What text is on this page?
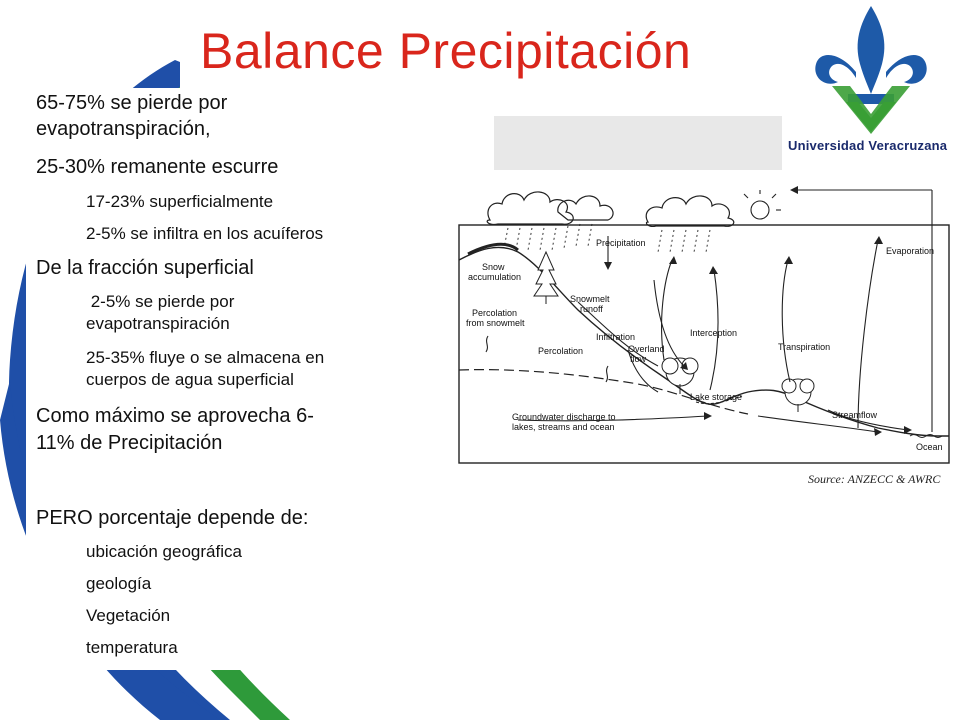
Balance Precipitación
Universidad Veracruzana
65-75% se pierde por
evapotranspiración,
25-30% remanente escurre
17-23% superficialmente
2-5% se infiltra en los acuíferos
De la fracción superficial
2-5% se pierde por
evapotranspiración
25-35% fluye o se almacena en
cuerpos de agua superficial
Como máximo se aprovecha 6-
11% de Precipitación
PERO porcentaje depende de:
ubicación geográfica
geología
Vegetación
temperatura
Precipitation
Evaporation
Snow
accumulation
Snowmelt
runoff
Percolation
from snowmelt
Infiltration	Interception
Percolation	Overland
flow
Transpiration
Lake storage
Streamflow
Groundwater discharge to
lakes, streams and ocean
Ocean
Source: ANZECC & AWRC
